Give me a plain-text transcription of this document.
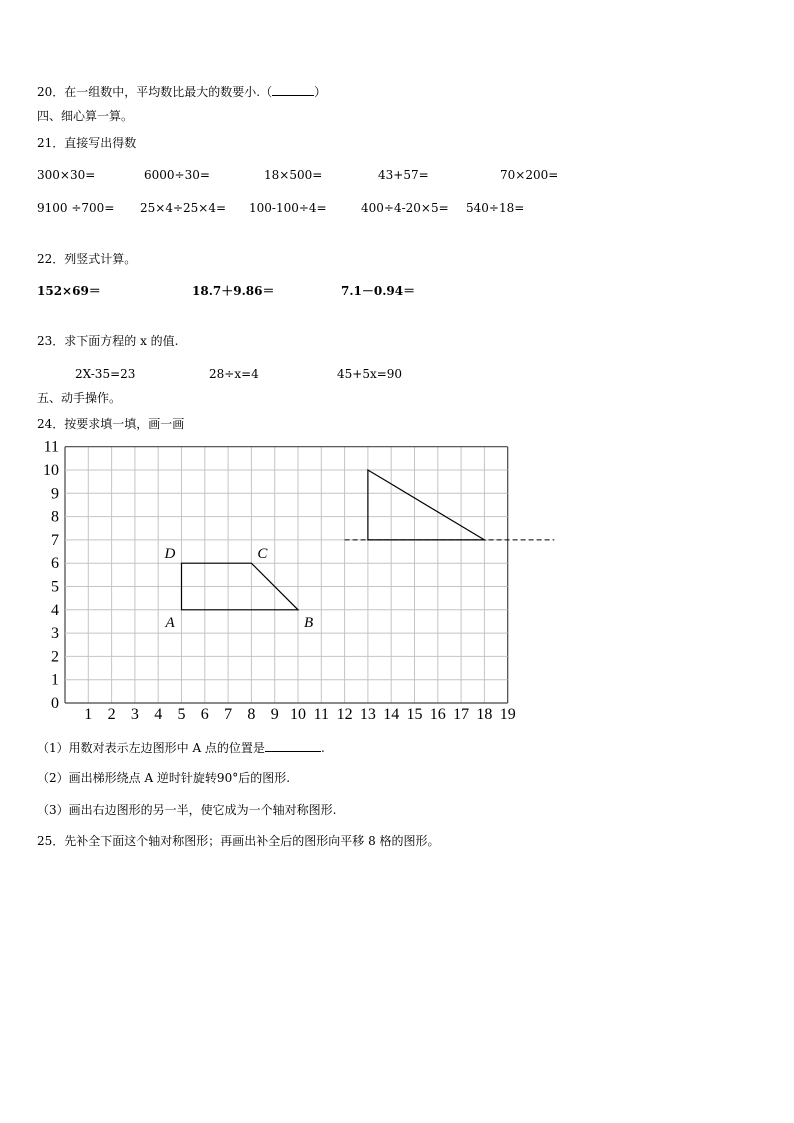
20．在一组数中，平均数比最大的数要小.（	）
四、细心算一算。
21．直接写出得数
300×30=	6000÷30=	18×500=	43+57=	70×200=
9100 ÷700= 25×4÷25×4= 100-100÷4=	400÷4-20×5= 540÷18=
22．列竖式计算。
152×69＝	18.7＋9.86＝	7.1－0.94＝
23．求下面方程的 x 的值.
2X-35=23	28÷x=4	45+5x=90
五、动手操作。
24．按要求填一填，画一画
0
1
2
3
4
5
6
7
8
9
10
11
1 2 3 4 5 6 7 8 9 10 11 12 13 14 15 16 17 18 19
A	B
C
D
（1）用数对表示左边图形中 A 点的位置是	.
（2）画出梯形绕点 A 逆时针旋转90°后的图形.
（3）画出右边图形的另一半，使它成为一个轴对称图形.
25．先补全下面这个轴对称图形；再画出补全后的图形向平移 8 格的图形。
